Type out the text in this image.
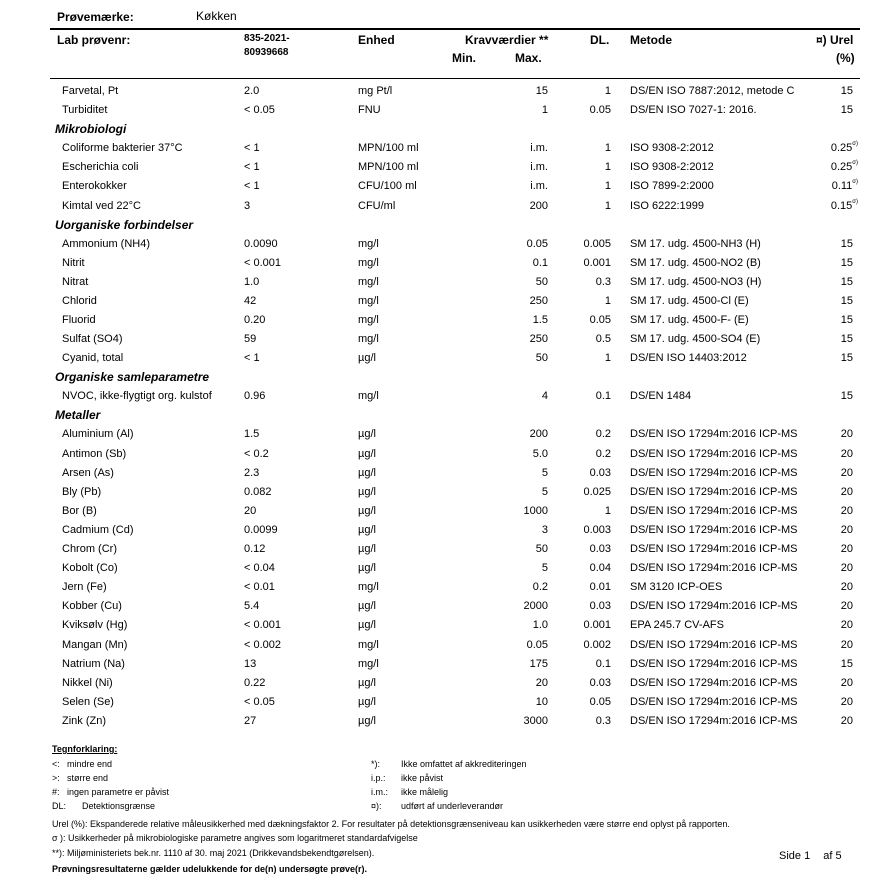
Prøvemærke:	Køkken
Lab prøvenr:	835-2021-
80939668
Enhed	Kravværdier **
Min.	Max.
DL. Metode	¤) Urel
(%)
Farvetal, Pt	2.0	mg Pt/l	15	1 DS/EN ISO 7887:2012, metode C	15
Turbiditet	< 0.05	FNU	1	0.05 DS/EN ISO 7027-1: 2016.	15
Mikrobiologi
Coliforme bakterier 37°C	< 1	MPN/100 ml	i.m.	1 ISO 9308-2:2012	$0.25^{\sigma)}$
Escherichia coli	< 1	MPN/100 ml	i.m.	1 ISO 9308-2:2012	$0.25^{\sigma)}$
Enterokokker	< 1	CFU/100 ml	i.m.	1 ISO 7899-2:2000	$0.11^{\sigma)}$
Kimtal ved 22°C	3	CFU/ml	200	1 ISO 6222:1999	$0.15^{\sigma)}$
Uorganiske forbindelser
Ammonium (NH4)	0.0090	mg/l	0.05	0.005 SM 17. udg. 4500-NH3 (H)	15
Nitrit	< 0.001	mg/l	0.1	0.001 SM 17. udg. 4500-NO2 (B)	15
Nitrat	1.0	mg/l	50	0.3 SM 17. udg. 4500-NO3 (H)	15
Chlorid	42	mg/l	250	1 SM 17. udg. 4500-Cl (E)	15
Fluorid	0.20	mg/l	1.5	0.05 SM 17. udg. 4500-F- (E)	15
Sulfat (SO4)	59	mg/l	250	0.5 SM 17. udg. 4500-SO4 (E)	15
Cyanid, total	< 1	µg/l	50	1 DS/EN ISO 14403:2012	15
Organiske samleparametre
NVOC, ikke-flygtigt org. kulstof	0.96	mg/l	4	0.1 DS/EN 1484	15
Metaller
Aluminium (Al)	1.5	µg/l	200	0.2 DS/EN ISO 17294m:2016 ICP-MS	20
Antimon (Sb)	< 0.2	µg/l	5.0	0.2 DS/EN ISO 17294m:2016 ICP-MS	20
Arsen (As)	2.3	µg/l	5	0.03 DS/EN ISO 17294m:2016 ICP-MS	20
Bly (Pb)	0.082	µg/l	5	0.025 DS/EN ISO 17294m:2016 ICP-MS	20
Bor (B)	20	µg/l	1000	1 DS/EN ISO 17294m:2016 ICP-MS	20
Cadmium (Cd)	0.0099	µg/l	3	0.003 DS/EN ISO 17294m:2016 ICP-MS	20
Chrom (Cr)	0.12	µg/l	50	0.03 DS/EN ISO 17294m:2016 ICP-MS	20
Kobolt (Co)	< 0.04	µg/l	5	0.04 DS/EN ISO 17294m:2016 ICP-MS	20
Jern (Fe)	< 0.01	mg/l	0.2	0.01 SM 3120 ICP-OES	20
Kobber (Cu)	5.4	µg/l	2000	0.03 DS/EN ISO 17294m:2016 ICP-MS	20
Kviksølv (Hg)	< 0.001	µg/l	1.0	0.001 EPA 245.7 CV-AFS	20
Mangan (Mn)	< 0.002	mg/l	0.05	0.002 DS/EN ISO 17294m:2016 ICP-MS	20
Natrium (Na)	13	mg/l	175	0.1 DS/EN ISO 17294m:2016 ICP-MS	15
Nikkel (Ni)	0.22	µg/l	20	0.03 DS/EN ISO 17294m:2016 ICP-MS	20
Selen (Se)	< 0.05	µg/l	10	0.05 DS/EN ISO 17294m:2016 ICP-MS	20
Zink (Zn)	27	µg/l	3000	0.3 DS/EN ISO 17294m:2016 ICP-MS	20
Tegnforklaring:
<: mindre end
>: større end
#: ingen parametre er påvist
DL: Detektionsgrænse
*): Ikke omfattet af akkrediteringen
i.p.: ikke påvist
i.m.: ikke målelig
¤): udført af underleverandør
Urel (%): Ekspanderede relative måleusikkerhed med dækningsfaktor 2. For resultater på detektionsgrænseniveau kan usikkerheden være større end oplyst på rapporten.
σ ): Usikkerheder på mikrobiologiske parametre angives som logaritmeret standardafvigelse
**): Miljøministeriets bek.nr. 1110 af 30. maj 2021 (Drikkevandsbekendtgørelsen).
Prøvningsresultaterne gælder udelukkende for de(n) undersøgte prøve(r).
Side 1 af 5
